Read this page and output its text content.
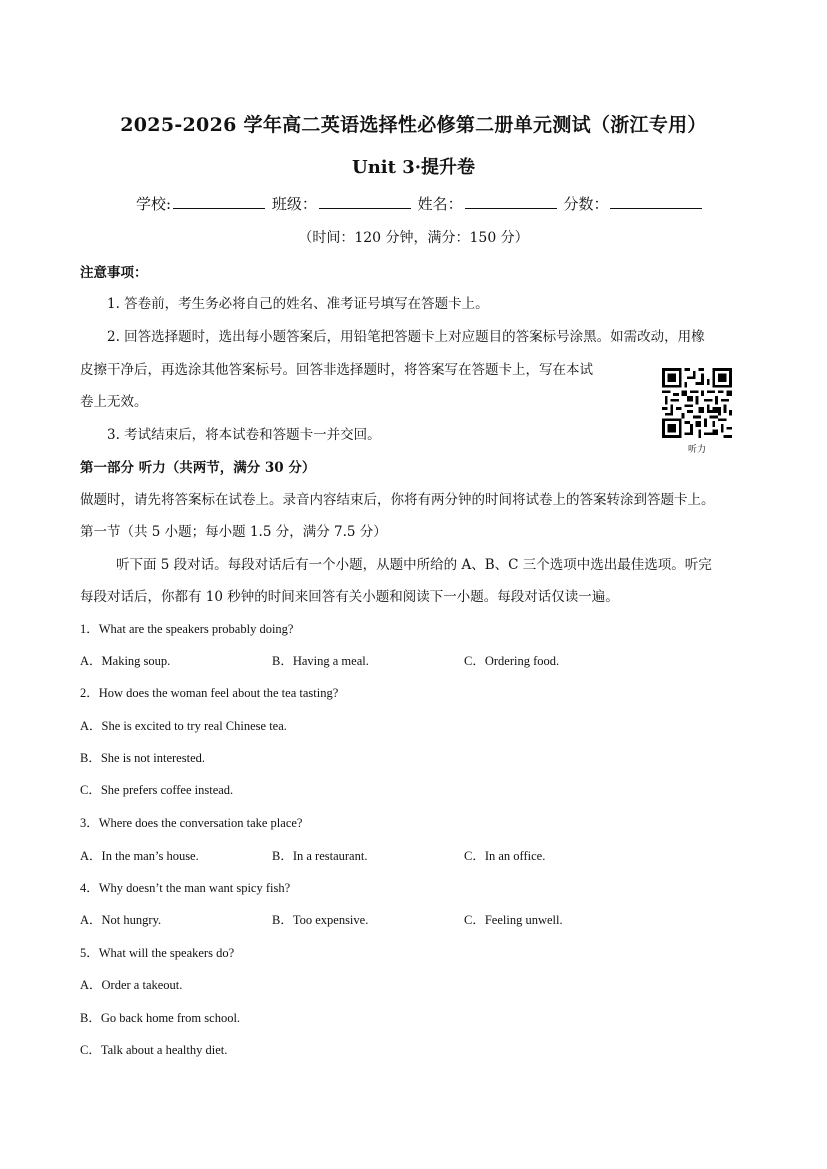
2025-2026 学年高二英语选择性必修第二册单元测试（浙江专用）
Unit 3·提升卷
学校:	班级：	姓名：	分数：
（时间：120 分钟，满分：150 分）
注意事项：
1. 答卷前，考生务必将自己的姓名、准考证号填写在答题卡上。
2. 回答选择题时，选出每小题答案后，用铅笔把答题卡上对应题目的答案标号涂黑。如需改动，用橡
皮擦干净后，再选涂其他答案标号。回答非选择题时，将答案写在答题卡上，写在本试
卷上无效。
3. 考试结束后，将本试卷和答题卡一并交回。
听力
第一部分 听力（共两节，满分 30 分）
做题时，请先将答案标在试卷上。录音内容结束后，你将有两分钟的时间将试卷上的答案转涂到答题卡上。
第一节（共 5 小题；每小题 1.5 分，满分 7.5 分）
听下面 5 段对话。每段对话后有一个小题，从题中所给的 A、B、C 三个选项中选出最佳选项。听完
每段对话后，你都有 10 秒钟的时间来回答有关小题和阅读下一小题。每段对话仅读一遍。
1．What are the speakers probably doing?
A．Making soup.	B．Having a meal.	C．Ordering food.
2．How does the woman feel about the tea tasting?
A．She is excited to try real Chinese tea.
B．She is not interested.
C．She prefers coffee instead.
3．Where does the conversation take place?
A．In the man’s house.	B．In a restaurant.	C．In an office.
4．Why doesn’t the man want spicy fish?
A．Not hungry.	B．Too expensive.	C．Feeling unwell.
5．What will the speakers do?
A．Order a takeout.
B．Go back home from school.
C．Talk about a healthy diet.
